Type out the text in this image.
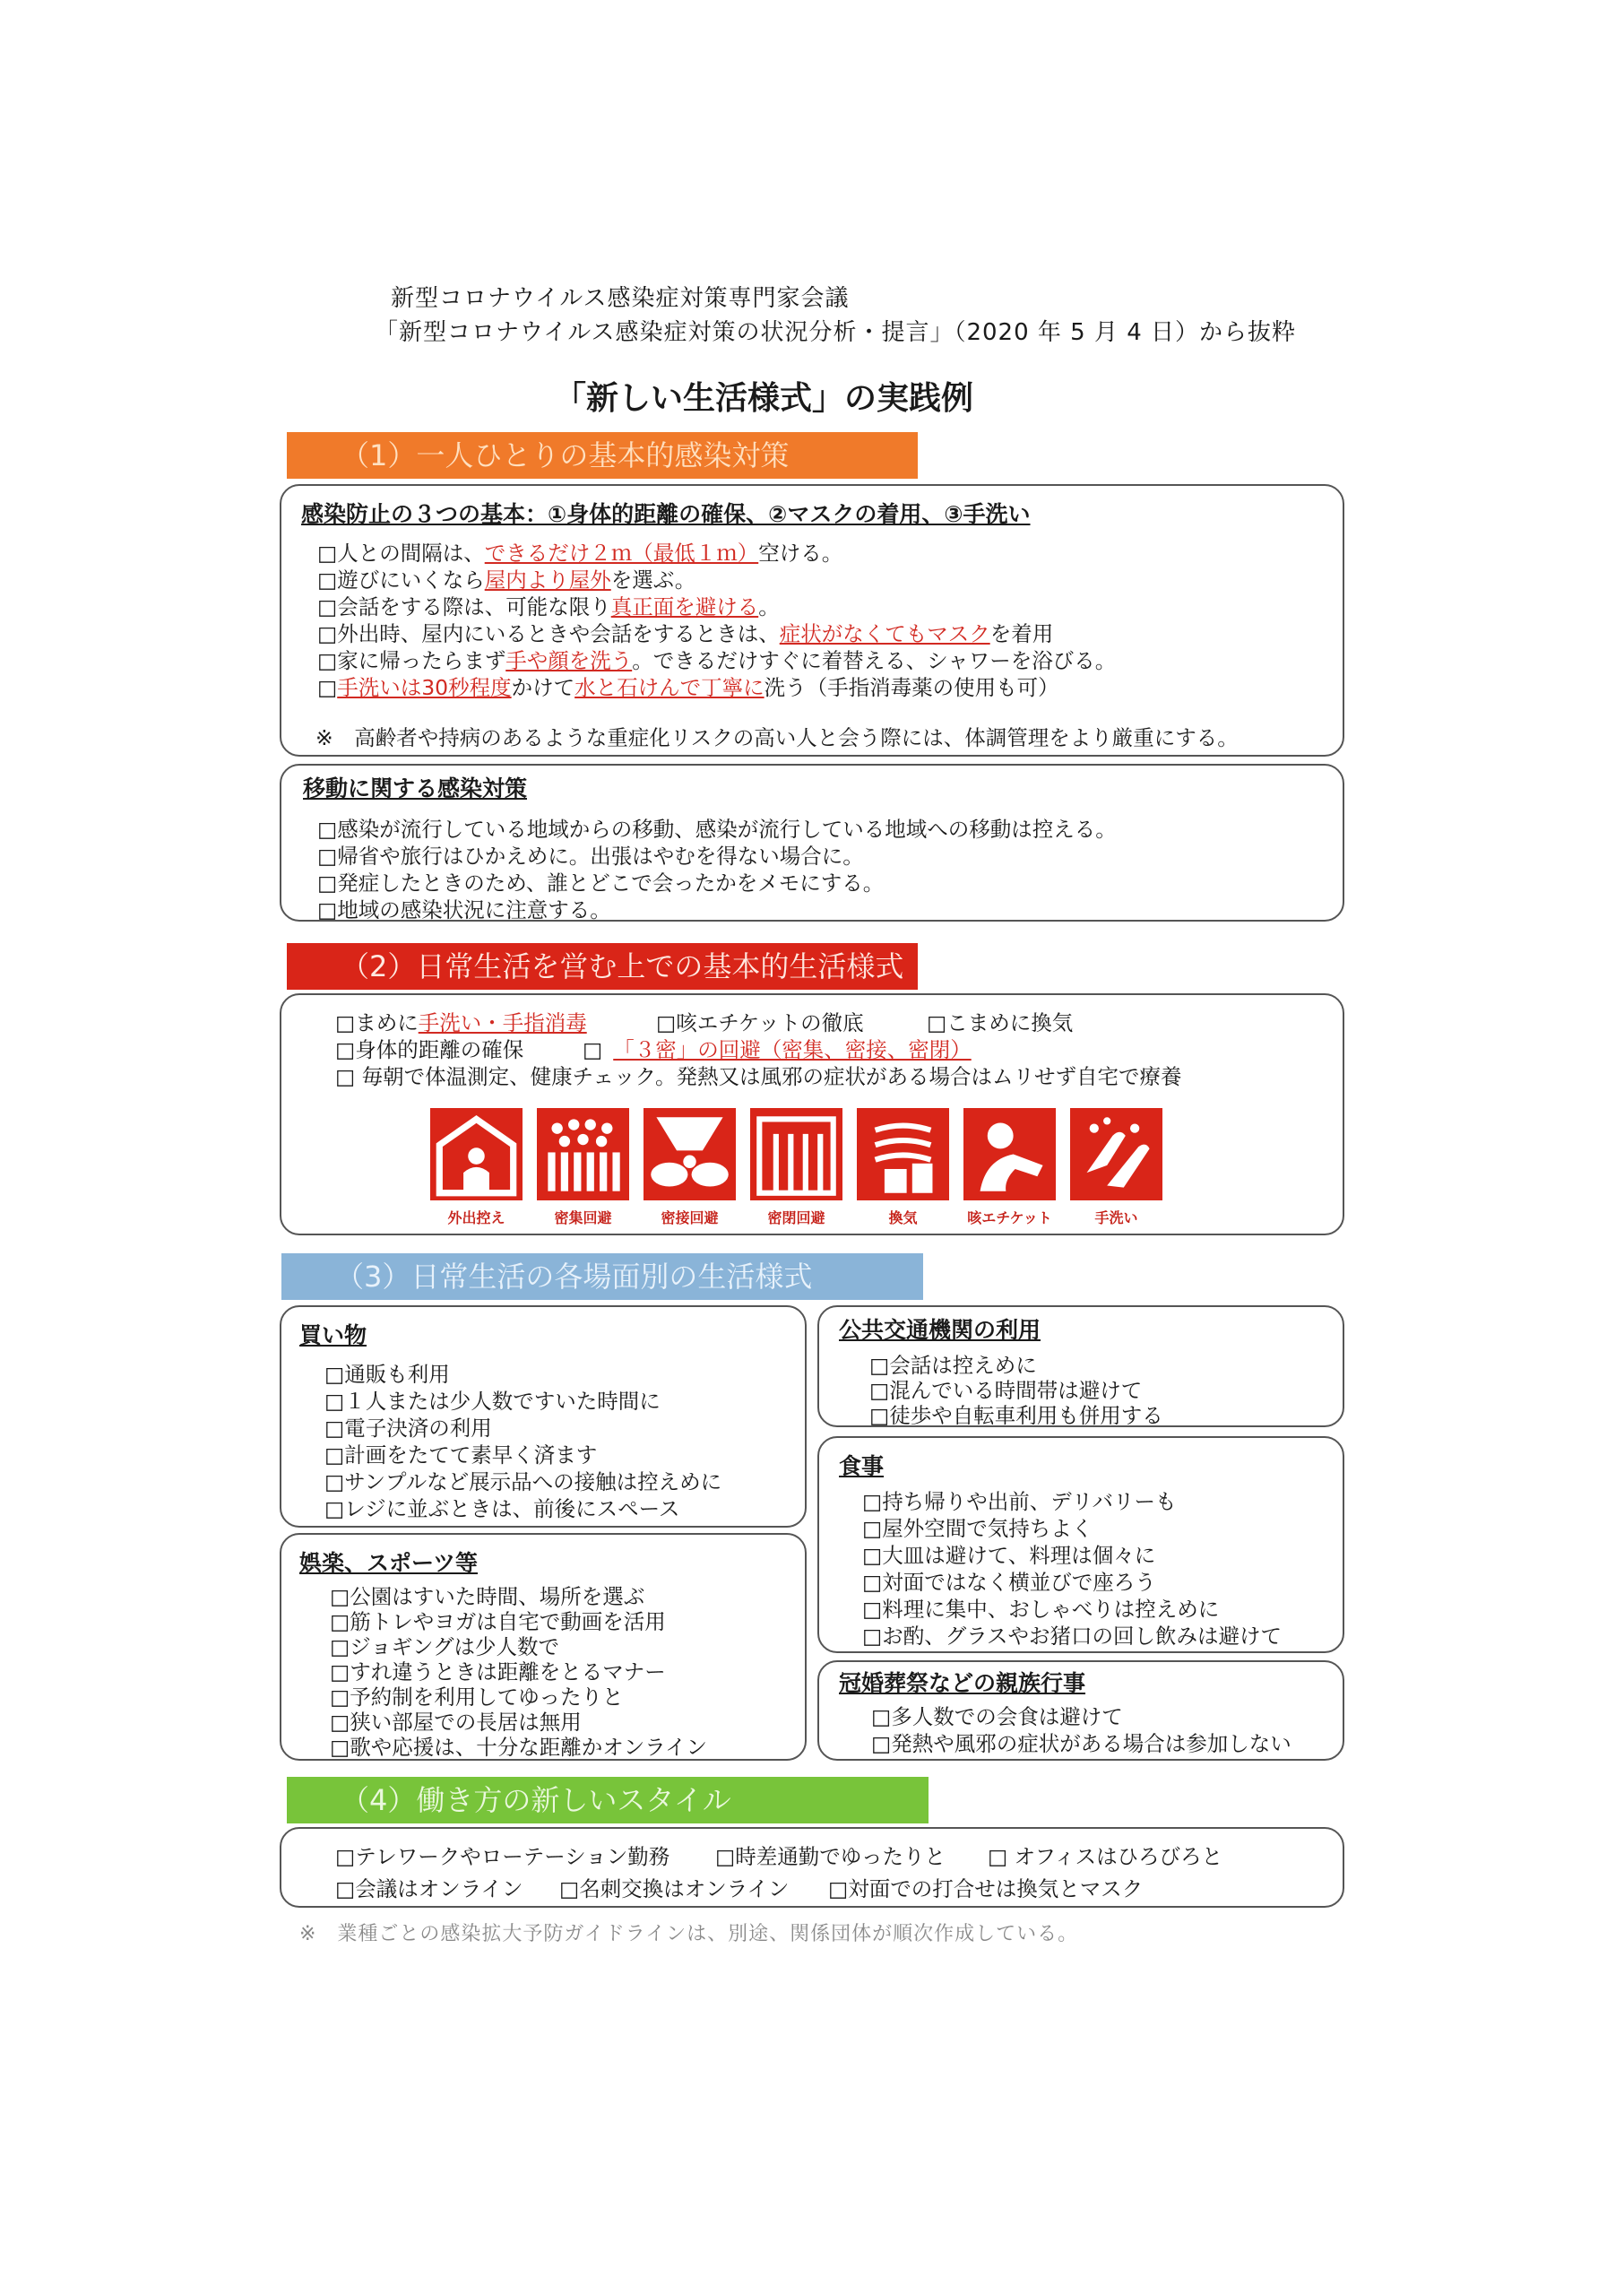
新型コロナウイルス感染症対策専門家会議
「新型コロナウイルス感染症対策の状況分析・提言」（2020 年 5 月 4 日）から抜粋
「新しい生活様式」の実践例
（1）一人ひとりの基本的感染対策
感染防止の３つの基本：①身体的距離の確保、②マスクの着用、③手洗い
□人との間隔は、できるだけ２ｍ（最低１ｍ）空ける。
□遊びにいくなら屋内より屋外を選ぶ。
□会話をする際は、可能な限り真正面を避ける。
□外出時、屋内にいるときや会話をするときは、症状がなくてもマスクを着用
□家に帰ったらまず手や顔を洗う。できるだけすぐに着替える、シャワーを浴びる。
□手洗いは30秒程度かけて水と石けんで丁寧に洗う（手指消毒薬の使用も可）
※　高齢者や持病のあるような重症化リスクの高い人と会う際には、体調管理をより厳重にする。
移動に関する感染対策
□感染が流行している地域からの移動、感染が流行している地域への移動は控える。
□帰省や旅行はひかえめに。出張はやむを得ない場合に。
□発症したときのため、誰とどこで会ったかをメモにする。
□地域の感染状況に注意する。
（2）日常生活を営む上での基本的生活様式
□まめに手洗い・手指消毒	□咳エチケットの徹底	□こまめに換気
□身体的距離の確保	□ 「３密」の回避（密集、密接、密閉）
□ 毎朝で体温測定、健康チェック。発熱又は風邪の症状がある場合はムリせず自宅で療養
外出控え	密集回避	密接回避	密閉回避	換気	咳エチケット	手洗い
（3）日常生活の各場面別の生活様式
買い物
□通販も利用
□１人または少人数ですいた時間に
□電子決済の利用
□計画をたてて素早く済ます
□サンプルなど展示品への接触は控えめに
□レジに並ぶときは、前後にスペース
娯楽、スポーツ等
□公園はすいた時間、場所を選ぶ
□筋トレやヨガは自宅で動画を活用
□ジョギングは少人数で
□すれ違うときは距離をとるマナー
□予約制を利用してゆったりと
□狭い部屋での長居は無用
□歌や応援は、十分な距離かオンライン
公共交通機関の利用
□会話は控えめに
□混んでいる時間帯は避けて
□徒歩や自転車利用も併用する
食事
□持ち帰りや出前、デリバリーも
□屋外空間で気持ちよく
□大皿は避けて、料理は個々に
□対面ではなく横並びで座ろう
□料理に集中、おしゃべりは控えめに
□お酌、グラスやお猪口の回し飲みは避けて
冠婚葬祭などの親族行事
□多人数での会食は避けて
□発熱や風邪の症状がある場合は参加しない
（4）働き方の新しいスタイル
□テレワークやローテーション勤務 □時差通勤でゆったりと □ オフィスはひろびろと
□会議はオンライン □名刺交換はオンライン □対面での打合せは換気とマスク
※　業種ごとの感染拡大予防ガイドラインは、別途、関係団体が順次作成している。
